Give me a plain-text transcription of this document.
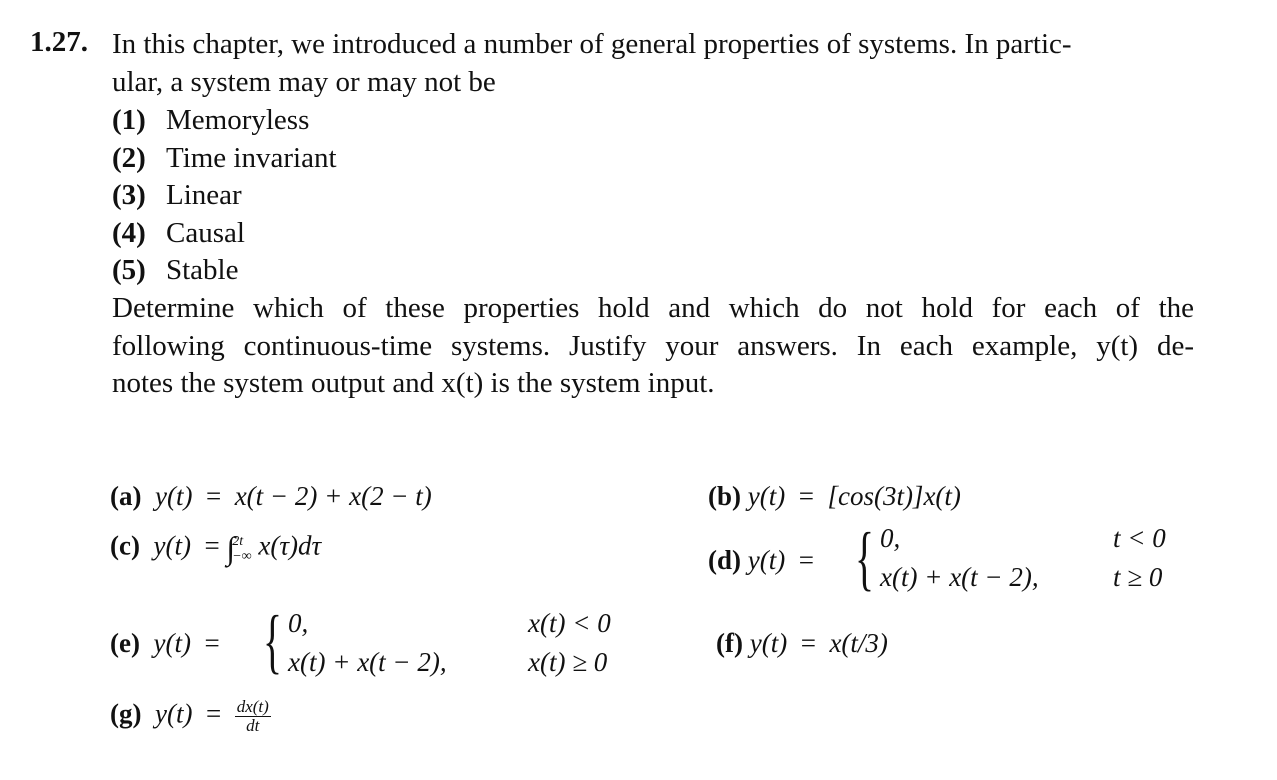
1.27. In this chapter, we introduced a number of general properties of systems. In partic-
ular, a system may or may not be
(1) Memoryless
(2) Time invariant
(3) Linear
(4) Causal
(5) Stable
Determine which of these properties hold and which do not hold for each of the
following continuous-time systems. Justify your answers. In each example, y(t) de-
notes the system output and x(t) is the system input.
(a) y(t)  =  x(t − 2) + x(2 − t)	(b) y(t)  =  [cos(3t)]x(t)
(c) y(t)  = ∫2t
−∞ x(τ)dτ	(d) y(t)  = { 0,	t < 0
x(t) + x(t − 2),	t ≥ 0
(e) y(t)  = { 0,	x(t) < 0
x(t) + x(t − 2),	x(t) ≥ 0
(f) y(t)  =  x(t/3)
(g) $y(t) = \frac{dx(t)}{dt}$
